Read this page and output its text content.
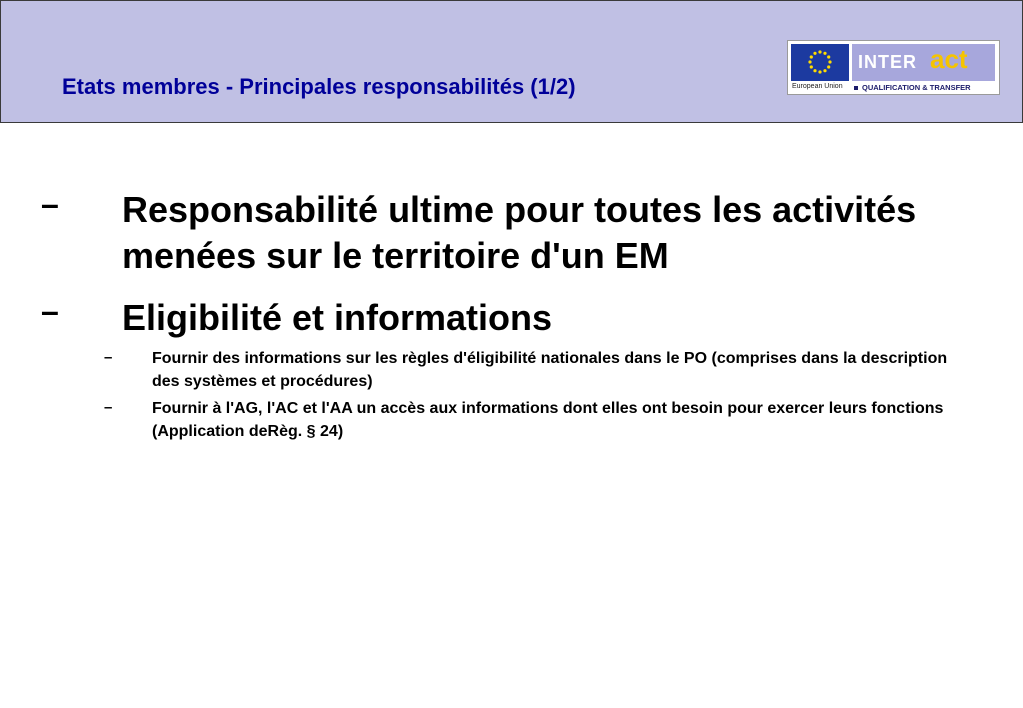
Etats membres - Principales responsabilités (1/2)	European Union
INTER act
QUALIFICATION & TRANSFER
– Responsabilité ultime pour toutes les activités menées sur le territoire d'un EM
– Eligibilité et informations
– Fournir des informations sur les règles d'éligibilité nationales dans le PO (comprises dans la description des systèmes et procédures)
– Fournir à l'AG, l'AC et l'AA un accès aux informations dont elles ont besoin pour exercer leurs fonctions (Application deRèg. § 24)
